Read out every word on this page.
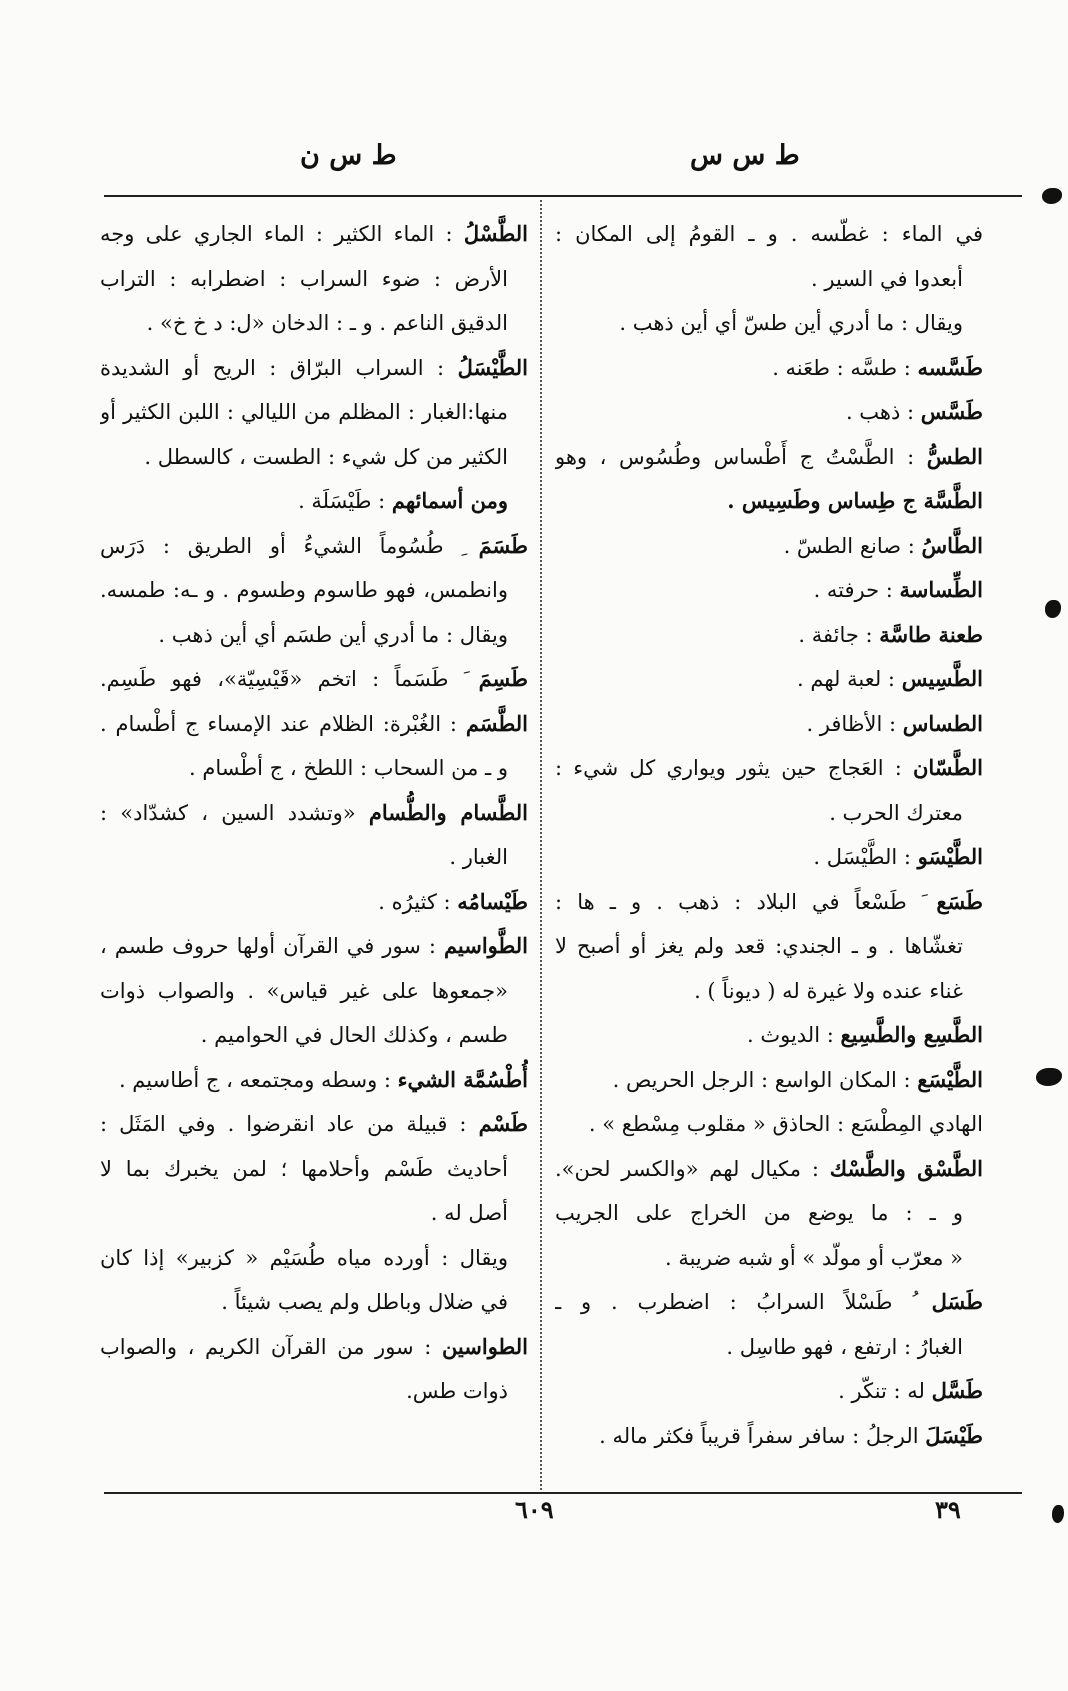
ط س س
ط س ن
في الماء : غطّسه . و ـ القومُ إلى المكان :
أبعدوا في السير .
ويقال : ما أدري أين طسّ أي أين ذهب .
طَسَّسه : طسَّه : طعَنه .
طَسَّس : ذهب .
الطسُّ : الطَّسْتُ ج أَطْساس وطُسُوس ، وهو
الطَّسَّة ج طِساس وطَسِيس .
الطَّاسُ : صانع الطسّ .
الطِّساسة : حرفته .
طعنة طاسَّة : جائفة .
الطَّسِيس : لعبة لهم .
الطساس : الأظافر .
الطَّسّان : العَجاج حين يثور ويواري كل شيء :
معترك الحرب .
الطَّيْسَو : الطَّيْسَل .
طَسَع َ طَسْعاً في البلاد : ذهب . و ـ ها :
تغشّاها . و ـ الجندي: قعد ولم يغز أو أصبح لا
غناء عنده ولا غيرة له ( ديوناً ) .
الطَّسِع والطَّسِيع : الديوث .
الطَّيْسَع : المكان الواسع : الرجل الحريص .
الهادي المِطْسَع : الحاذق « مقلوب مِسْطع » .
الطَّسْق والطَّسْك : مكيال لهم «والكسر لحن».
و ـ : ما يوضع من الخراج على الجريب
« معرّب أو مولّد » أو شبه ضريبة .
طَسَل ُ طَسْلاً السرابُ : اضطرب . و ـ
الغبارُ : ارتفع ، فهو طاسِل .
طَسَّل له : تنكّر .
طَيْسَلَ الرجلُ : سافر سفراً قريباً فكثر ماله .
الطَّسْلُ : الماء الكثير : الماء الجاري على وجه
الأرض : ضوء السراب : اضطرابه : التراب
الدقيق الناعم . و ـ : الدخان «ل: د خ خ» .
الطَّيْسَلُ : السراب البرّاق : الريح أو الشديدة
منها:الغبار : المظلم من الليالي : اللبن الكثير أو
الكثير من كل شيء : الطست ، كالسطل .
ومن أسمائهم : طَيْسَلَة .
طَسَمَ ِ طُسُوماً الشيءُ أو الطريق : دَرَس
وانطمس، فهو طاسوم وطسوم . و ـه: طمسه.
ويقال : ما أدري أين طسَم أي أين ذهب .
طَسِمَ َ طَسَماً : اتخم «قَيْسِيّة»، فهو طَسِم.
الطَّسَم : الغُبْرة: الظلام عند الإمساء ج أطْسام .
و ـ من السحاب : اللطخ ، ج أطْسام .
الطَّسام والطُّسام «وتشدد السين ، كشدّاد» :
الغبار .
طَيْسامُه : كثيرُه .
الطَّواسيم : سور في القرآن أولها حروف طسم ،
«جمعوها على غير قياس» . والصواب ذوات
طسم ، وكذلك الحال في الحواميم .
أُطْسُمَّة الشيء : وسطه ومجتمعه ، ج أطاسيم .
طَسْم : قبيلة من عاد انقرضوا . وفي المَثَل :
أحاديث طَسْم وأحلامها ؛ لمن يخبرك بما لا
أصل له .
ويقال : أورده مياه طُسَيْم « كزبير» إذا كان
في ضلال وباطل ولم يصب شيئاً .
الطواسين : سور من القرآن الكريم ، والصواب
ذوات طس.
٣٩
٦٠٩
